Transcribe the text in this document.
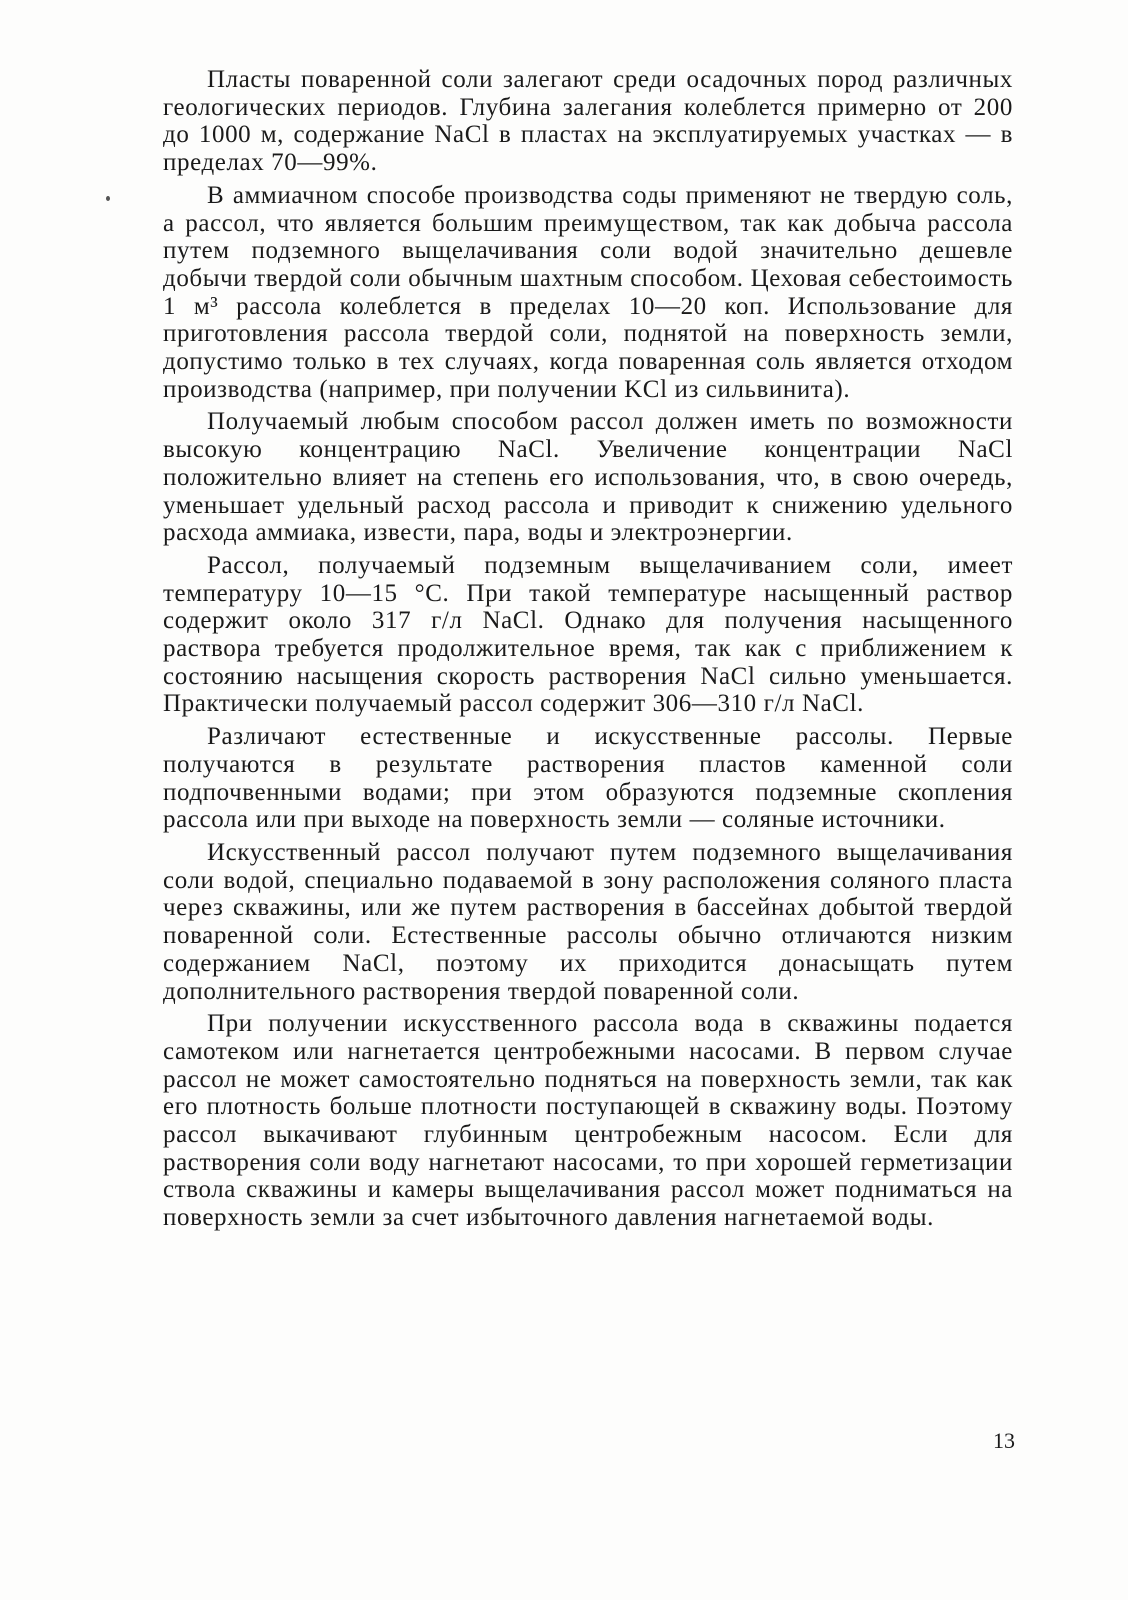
Пласты поваренной соли залегают среди осадочных пород различных геологических периодов. Глубина залегания колеблется примерно от 200 до 1000 м, содержание NaCl в пластах на эксплуатируемых участках — в пределах 70—99%.

В аммиачном способе производства соды применяют не твердую соль, а рассол, что является большим преимуществом, так как добыча рассола путем подземного выщелачивания соли водой значительно дешевле добычи твердой соли обычным шахтным способом. Цеховая себестоимость 1 м³ рассола колеблется в пределах 10—20 коп. Использование для приготовления рассола твердой соли, поднятой на поверхность земли, допустимо только в тех случаях, когда поваренная соль является отходом производства (например, при получении KCl из сильвинита).

Получаемый любым способом рассол должен иметь по возможности высокую концентрацию NaCl. Увеличение концентрации NaCl положительно влияет на степень его использования, что, в свою очередь, уменьшает удельный расход рассола и приводит к снижению удельного расхода аммиака, извести, пара, воды и электроэнергии.

Рассол, получаемый подземным выщелачиванием соли, имеет температуру 10—15 °С. При такой температуре насыщенный раствор содержит около 317 г/л NaCl. Однако для получения насыщенного раствора требуется продолжительное время, так как с приближением к состоянию насыщения скорость растворения NaCl сильно уменьшается. Практически получаемый рассол содержит 306—310 г/л NaCl.

Различают естественные и искусственные рассолы. Первые получаются в результате растворения пластов каменной соли подпочвенными водами; при этом образуются подземные скопления рассола или при выходе на поверхность земли — соляные источники.

Искусственный рассол получают путем подземного выщелачивания соли водой, специально подаваемой в зону расположения соляного пласта через скважины, или же путем растворения в бассейнах добытой твердой поваренной соли. Естественные рассолы обычно отличаются низким содержанием NaCl, поэтому их приходится донасыщать путем дополнительного растворения твердой поваренной соли.

При получении искусственного рассола вода в скважины подается самотеком или нагнетается центробежными насосами. В первом случае рассол не может самостоятельно подняться на поверхность земли, так как его плотность больше плотности поступающей в скважину воды. Поэтому рассол выкачивают глубинным центробежным насосом. Если для растворения соли воду нагнетают насосами, то при хорошей герметизации ствола скважины и камеры выщелачивания рассол может подниматься на поверхность земли за счет избыточного давления нагнетаемой воды.

13
